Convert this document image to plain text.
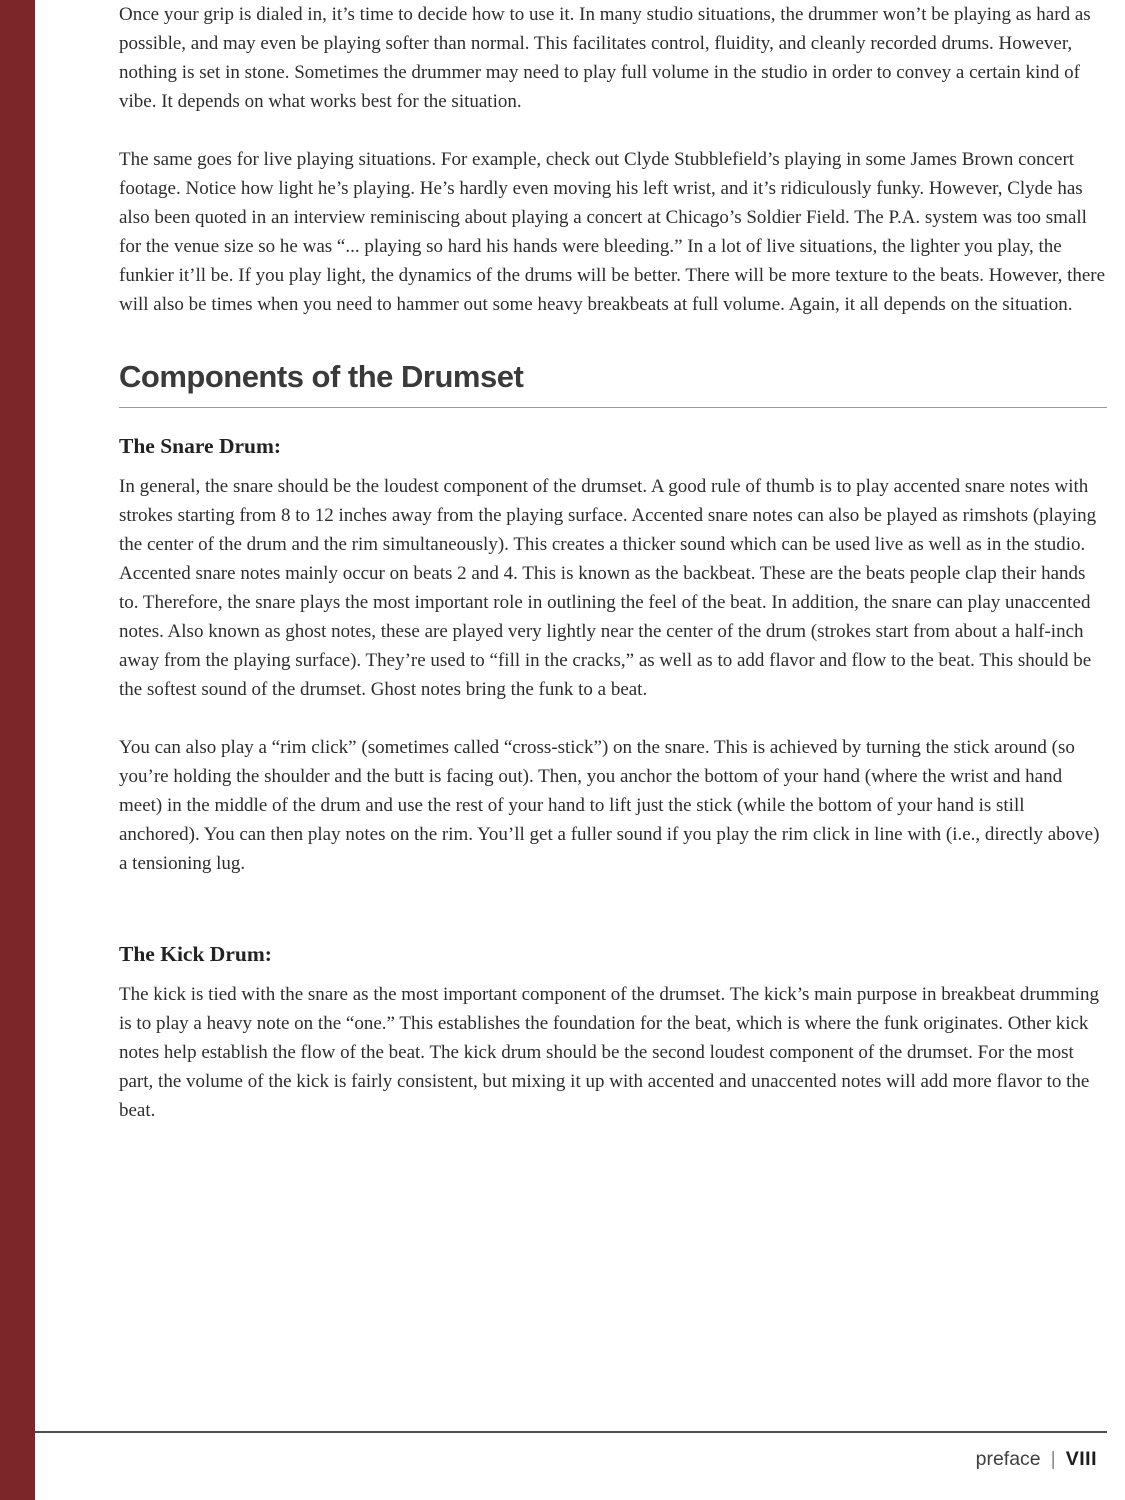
Once your grip is dialed in, it’s time to decide how to use it. In many studio situations, the drummer won’t be playing as hard as possible, and may even be playing softer than normal. This facilitates control, fluidity, and cleanly recorded drums. However, nothing is set in stone. Sometimes the drummer may need to play full volume in the studio in order to convey a certain kind of vibe. It depends on what works best for the situation.

The same goes for live playing situations. For example, check out Clyde Stubblefield’s playing in some James Brown concert footage. Notice how light he’s playing. He’s hardly even moving his left wrist, and it’s ridiculously funky. However, Clyde has also been quoted in an interview reminiscing about playing a concert at Chicago’s Soldier Field. The P.A. system was too small for the venue size so he was “... playing so hard his hands were bleeding.” In a lot of live situations, the lighter you play, the funkier it’ll be. If you play light, the dynamics of the drums will be better. There will be more texture to the beats. However, there will also be times when you need to hammer out some heavy breakbeats at full volume. Again, it all depends on the situation.

Components of the Drumset
The Snare Drum:

In general, the snare should be the loudest component of the drumset. A good rule of thumb is to play accented snare notes with strokes starting from 8 to 12 inches away from the playing surface. Accented snare notes can also be played as rimshots (playing the center of the drum and the rim simultaneously). This creates a thicker sound which can be used live as well as in the studio. Accented snare notes mainly occur on beats 2 and 4. This is known as the backbeat. These are the beats people clap their hands to. Therefore, the snare plays the most important role in outlining the feel of the beat. In addition, the snare can play unaccented notes. Also known as ghost notes, these are played very lightly near the center of the drum (strokes start from about a half-inch away from the playing surface). They’re used to “fill in the cracks,” as well as to add flavor and flow to the beat. This should be the softest sound of the drumset. Ghost notes bring the funk to a beat.

You can also play a “rim click” (sometimes called “cross-stick”) on the snare. This is achieved by turning the stick around (so you’re holding the shoulder and the butt is facing out). Then, you anchor the bottom of your hand (where the wrist and hand meet) in the middle of the drum and use the rest of your hand to lift just the stick (while the bottom of your hand is still anchored). You can then play notes on the rim. You’ll get a fuller sound if you play the rim click in line with (i.e., directly above) a tensioning lug.

The Kick Drum:

The kick is tied with the snare as the most important component of the drumset. The kick’s main purpose in breakbeat drumming is to play a heavy note on the “one.” This establishes the foundation for the beat, which is where the funk originates. Other kick notes help establish the flow of the beat. The kick drum should be the second loudest component of the drumset. For the most part, the volume of the kick is fairly consistent, but mixing it up with accented and unaccented notes will add more flavor to the beat.

preface | VIII
